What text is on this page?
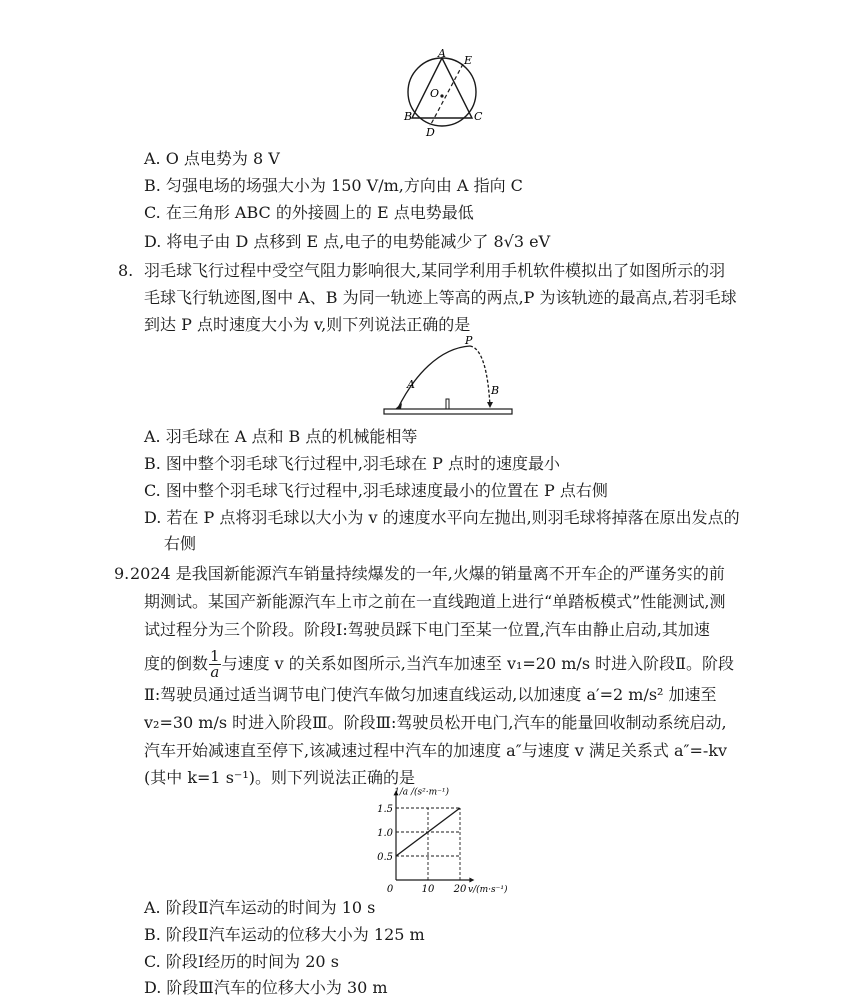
A
E
O
B	C
D
A. O 点电势为 8 V
B. 匀强电场的场强大小为 150 V/m,方向由 A 指向 C
C. 在三角形 ABC 的外接圆上的 E 点电势最低
D. 将电子由 D 点移到 E 点,电子的电势能减少了 8√3 eV
8. 羽毛球飞行过程中受空气阻力影响很大,某同学利用手机软件模拟出了如图所示的羽
毛球飞行轨迹图,图中 A、B 为同一轨迹上等高的两点,P 为该轨迹的最高点,若羽毛球
到达 P 点时速度大小为 v,则下列说法正确的是
P
A	B
A. 羽毛球在 A 点和 B 点的机械能相等
B. 图中整个羽毛球飞行过程中,羽毛球在 P 点时的速度最小
C. 图中整个羽毛球飞行过程中,羽毛球速度最小的位置在 P 点右侧
D. 若在 P 点将羽毛球以大小为 v 的速度水平向左抛出,则羽毛球将掉落在原出发点的
右侧
9. 2024 是我国新能源汽车销量持续爆发的一年,火爆的销量离不开车企的严谨务实的前
期测试。某国产新能源汽车上市之前在一直线跑道上进行“单踏板模式”性能测试,测
试过程分为三个阶段。阶段Ⅰ:驾驶员踩下电门至某一位置,汽车由静止启动,其加速
度的倒数 $\frac{1}{a}$ 与速度 v 的关系如图所示,当汽车加速至 v₁=20 m/s 时进入阶段Ⅱ。阶段
Ⅱ:驾驶员通过适当调节电门使汽车做匀加速直线运动,以加速度 a′=2 m/s² 加速至
v₂=30 m/s 时进入阶段Ⅲ。阶段Ⅲ:驾驶员松开电门,汽车的能量回收制动系统启动,
汽车开始减速直至停下,该减速过程中汽车的加速度 a″与速度 v 满足关系式 a″=-kv
(其中 k=1 s⁻¹)。则下列说法正确的是
0.5
1.0
1.5
0	10 20
1/a /(s²·m⁻¹)
v/(m·s⁻¹)
A. 阶段Ⅱ汽车运动的时间为 10 s
B. 阶段Ⅱ汽车运动的位移大小为 125 m
C. 阶段Ⅰ经历的时间为 20 s
D. 阶段Ⅲ汽车的位移大小为 30 m
